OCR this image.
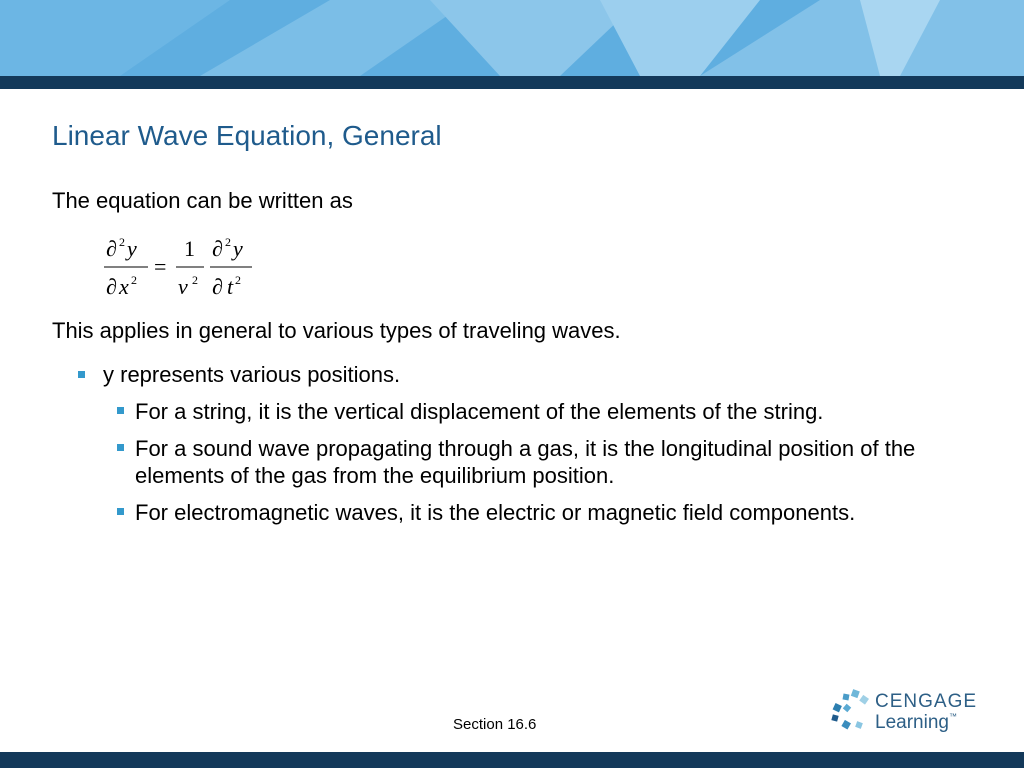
Linear Wave Equation, General
The equation can be written as
∂ 2 y
∂ x 2
=
1
v 2
∂ 2 y
∂ t 2
This applies in general to various types of traveling waves.
y represents various positions.
For a string, it is the vertical displacement of the elements of the string.
For a sound wave propagating through a gas, it is the longitudinal position of the elements of the gas from the equilibrium position.
For electromagnetic waves, it is the electric or magnetic field components.
Section 16.6
CENGAGE
Learning™
